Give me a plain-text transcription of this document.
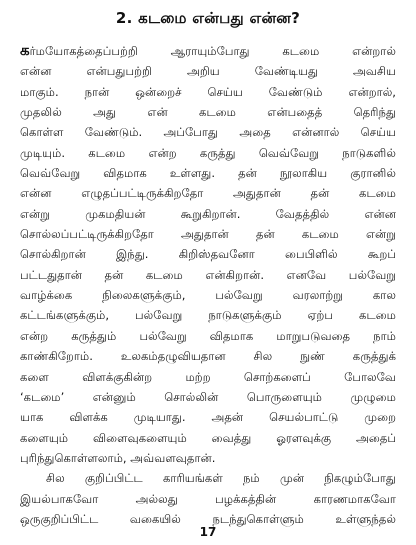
2. கடமை என்பது என்ன?
கர்மயோகத்தைப்பற்றி ஆராயும்போது கடமை என்றால்
என்ன என்பதுபற்றி அறிய வேண்டியது அவசிய
மாகும். நான் ஒன்றைச் செய்ய வேண்டும் என்றால்,
முதலில் அது என் கடமை என்பதைத் தெரிந்து
கொள்ள வேண்டும். அப்போது அதை என்னால் செய்ய
முடியும். கடமை என்ற கருத்து வெவ்வேறு நாடுகளில்
வெவ்வேறு விதமாக உள்ளது. தன் நூலாகிய குரானில்
என்ன எழுதப்பட்டிருக்கிறதோ அதுதான் தன் கடமை
என்று முகமதியன் கூறுகிறான். வேதத்தில் என்ன
சொல்லப்பட்டிருக்கிறதோ அதுதான் தன் கடமை என்று
சொல்கிறான் இந்து. கிறிஸ்தவனோ பைபிளில் கூறப்
பட்டதுதான் தன் கடமை என்கிறான். எனவே பல்வேறு
வாழ்க்கை நிலைகளுக்கும், பல்வேறு வரலாற்று கால
கட்டங்களுக்கும், பல்வேறு நாடுகளுக்கும் ஏற்ப கடமை
என்ற கருத்தும் பல்வேறு விதமாக மாறுபடுவதை நாம்
காண்கிறோம். உலகம்தழுவியதான சில நுண் கருத்துக்
களை விளக்குகின்ற மற்ற சொற்களைப் போலவே
‘கடமை’ என்னும் சொல்லின் பொருளையும் முழுமை
யாக விளக்க முடியாது. அதன் செயல்பாட்டு முறை
களையும் விளைவுகளையும் வைத்து ஓரளவுக்கு அதைப்
புரிந்துகொள்ளலாம், அவ்வளவுதான்.
சில குறிப்பிட்ட காரியங்கள் நம் முன் நிகழும்போது
இயல்பாகவோ அல்லது பழக்கத்தின் காரணமாகவோ
ஒருகுறிப்பிட்ட வகையில் நடந்துகொள்ளும் உள்ளுந்தல்
17
